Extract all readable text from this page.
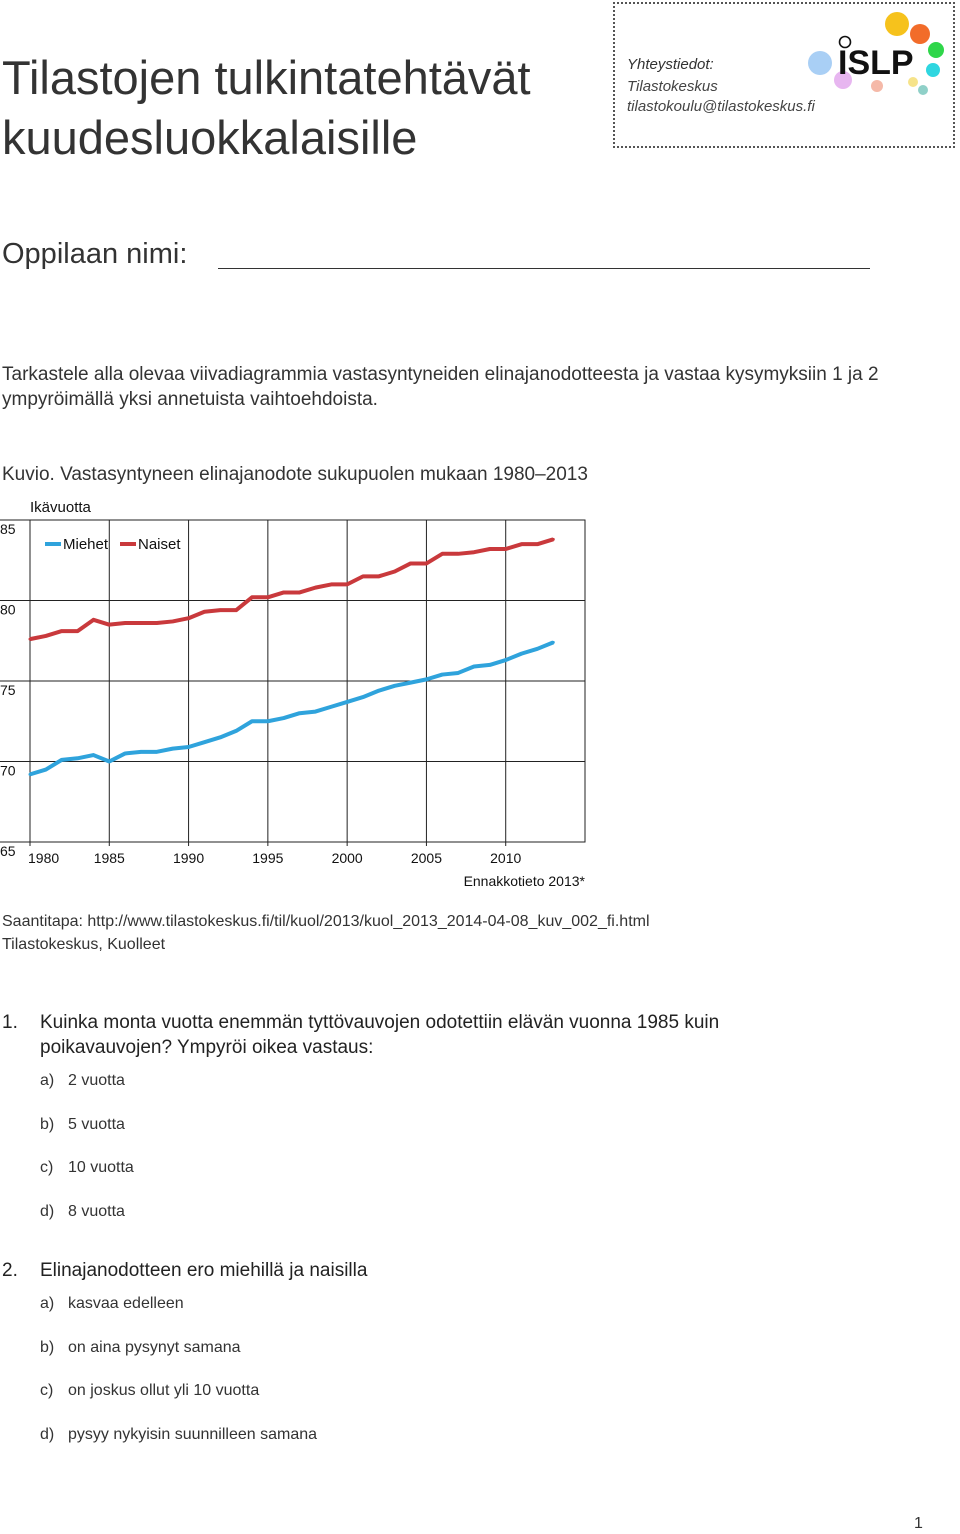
Tilastojen tulkintatehtävät
kuudesluokkalaisille
ISLP
Yhteystiedot:
Tilastokeskus
tilastokoulu@tilastokeskus.fi
Oppilaan nimi:
Tarkastele alla olevaa viivadiagrammia vastasyntyneiden elinajanodotteesta ja vastaa kysymyksiin 1 ja 2 ympyröimällä yksi annetuista vaihtoehdoista.
Kuvio. Vastasyntyneen elinajanodote sukupuolen mukaan 1980–2013
65
70
75
80
85
1980 1985	1990	1995	2000	2005	2010
Ikävuotta
Ennakkotieto 2013*
Miehet Naiset
Saantitapa: http://www.tilastokeskus.fi/til/kuol/2013/kuol_2013_2014-04-08_kuv_002_fi.html
Tilastokeskus, Kuolleet
1. Kuinka monta vuotta enemmän tyttövauvojen odotettiin elävän vuonna 1985 kuin poikavauvojen? Ympyröi oikea vastaus:
a) 2 vuotta
b) 5 vuotta
c) 10 vuotta
d) 8 vuotta
2. Elinajanodotteen ero miehillä ja naisilla
a) kasvaa edelleen
b) on aina pysynyt samana
c) on joskus ollut yli 10 vuotta
d) pysyy nykyisin suunnilleen samana
1
